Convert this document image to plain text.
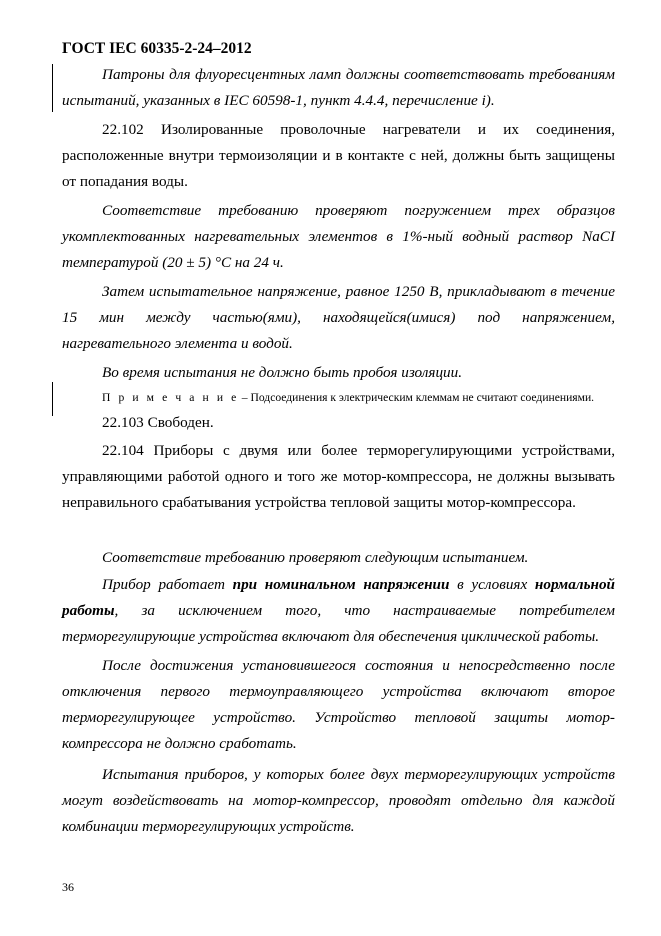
ГОСТ IEC 60335-2-24–2012
Патроны для флуоресцентных ламп должны соответствовать требованиям испытаний, указанных в IEC 60598-1, пункт 4.4.4, перечисление i).
22.102 Изолированные проволочные нагреватели и их соединения, расположенные внутри термоизоляции и в контакте с ней, должны быть защищены от попадания воды.
Соответствие требованию проверяют погружением трех образцов укомплектованных нагревательных элементов в 1%-ный водный раствор NaCI температурой (20 ± 5) °С на 24 ч.
Затем испытательное напряжение, равное 1250 В, прикладывают в течение 15 мин между частью(ями), находящейся(имися) под напряжением, нагревательного элемента и водой.
Во время испытания не должно быть пробоя изоляции.
П р и м е ч а н и е – Подсоединения к электрическим клеммам не считают соединениями.
22.103 Свободен.
22.104 Приборы с двумя или более терморегулирующими устройствами, управляющими работой одного и того же мотор-компрессора, не должны вызывать неправильного срабатывания устройства тепловой защиты мотор-компрессора.
Соответствие требованию проверяют следующим испытанием.
Прибор работает при номинальном напряжении в условиях нормальной работы, за исключением того, что настраиваемые потребителем терморегулирующие устройства включают для обеспечения циклической работы.
После достижения установившегося состояния и непосредственно после отключения первого термоуправляющего устройства включают второе терморегулирующее устройство. Устройство тепловой защиты мотор-компрессора не должно сработать.
Испытания приборов, у которых более двух терморегулирующих устройств могут воздействовать на мотор-компрессор, проводят отдельно для каждой комбинации терморегулирующих устройств.
36
